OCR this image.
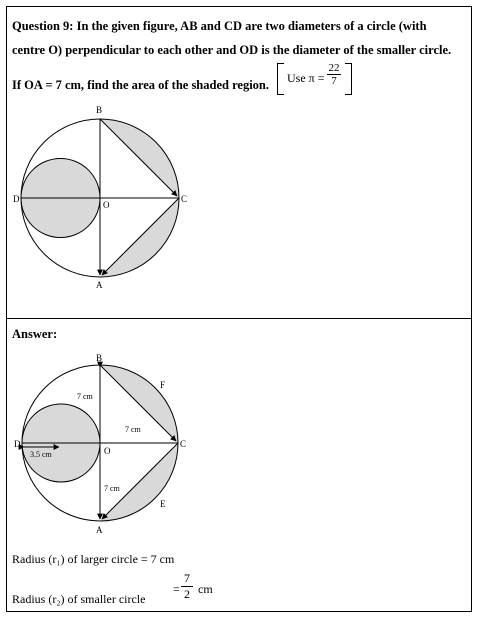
Question 9: In the given figure, AB and CD are two diameters of a circle (with
centre O) perpendicular to each other and OD is the diameter of the smaller circle.
If OA = 7 cm, find the area of the shaded region. Use $\pi = \frac{22}{7}$
B
A
D	C
O
B
A
D	C
O
F
E
7 cm
7 cm
7 cm
3.5 cm
Answer:
Radius (r₁) of larger circle = 7 cm
Radius (r₂) of smaller circle
= $\frac{7}{2}$ cm
